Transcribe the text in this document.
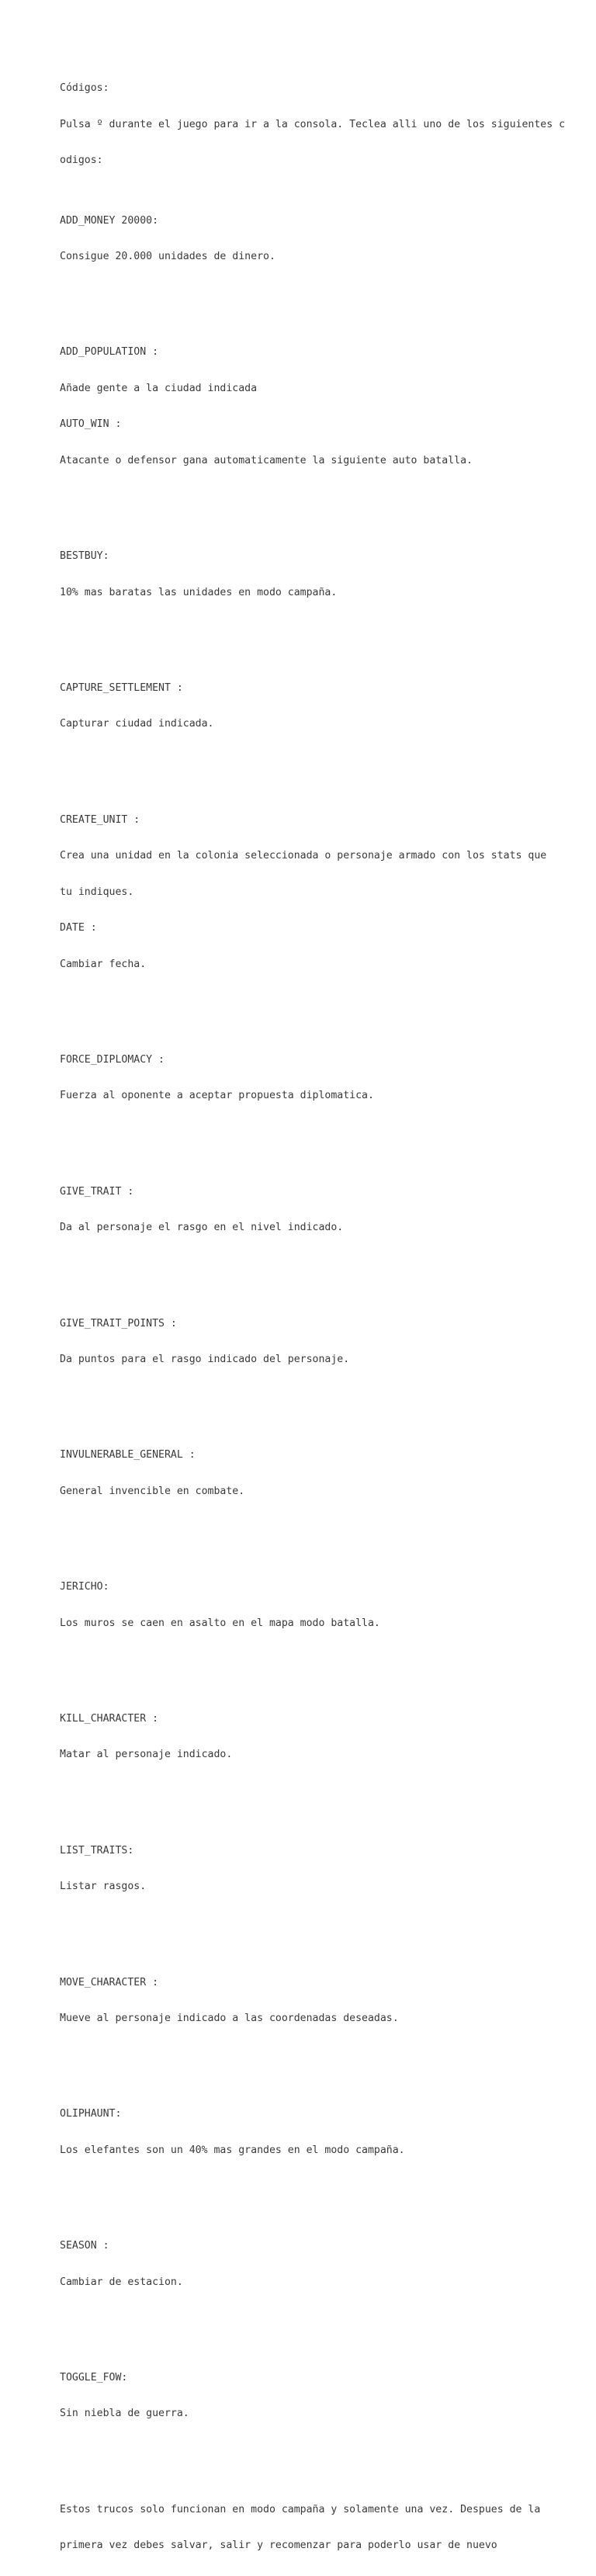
Códigos:

Pulsa º durante el juego para ir a la consola. Teclea alli uno de los siguientes c

odigos:

ADD_MONEY 20000:

Consigue 20.000 unidades de dinero.

ADD_POPULATION :

Añade gente a la ciudad indicada

AUTO_WIN :

Atacante o defensor gana automaticamente la siguiente auto batalla.

BESTBUY:

10% mas baratas las unidades en modo campaña.

CAPTURE_SETTLEMENT :

Capturar ciudad indicada.

CREATE_UNIT :

Crea una unidad en la colonia seleccionada o personaje armado con los stats que

tu indiques.

DATE :

Cambiar fecha.

FORCE_DIPLOMACY :

Fuerza al oponente a aceptar propuesta diplomatica.

GIVE_TRAIT :

Da al personaje el rasgo en el nivel indicado.

GIVE_TRAIT_POINTS :

Da puntos para el rasgo indicado del personaje.

INVULNERABLE_GENERAL :

General invencible en combate.

JERICHO:

Los muros se caen en asalto en el mapa modo batalla.

KILL_CHARACTER :

Matar al personaje indicado.

LIST_TRAITS:

Listar rasgos.

MOVE_CHARACTER :

Mueve al personaje indicado a las coordenadas deseadas.

OLIPHAUNT:

Los elefantes son un 40% mas grandes en el modo campaña.

SEASON :

Cambiar de estacion.

TOGGLE_FOW:

Sin niebla de guerra.

Estos trucos solo funcionan en modo campaña y solamente una vez. Despues de la

primera vez debes salvar, salir y recomenzar para poderlo usar de nuevo
